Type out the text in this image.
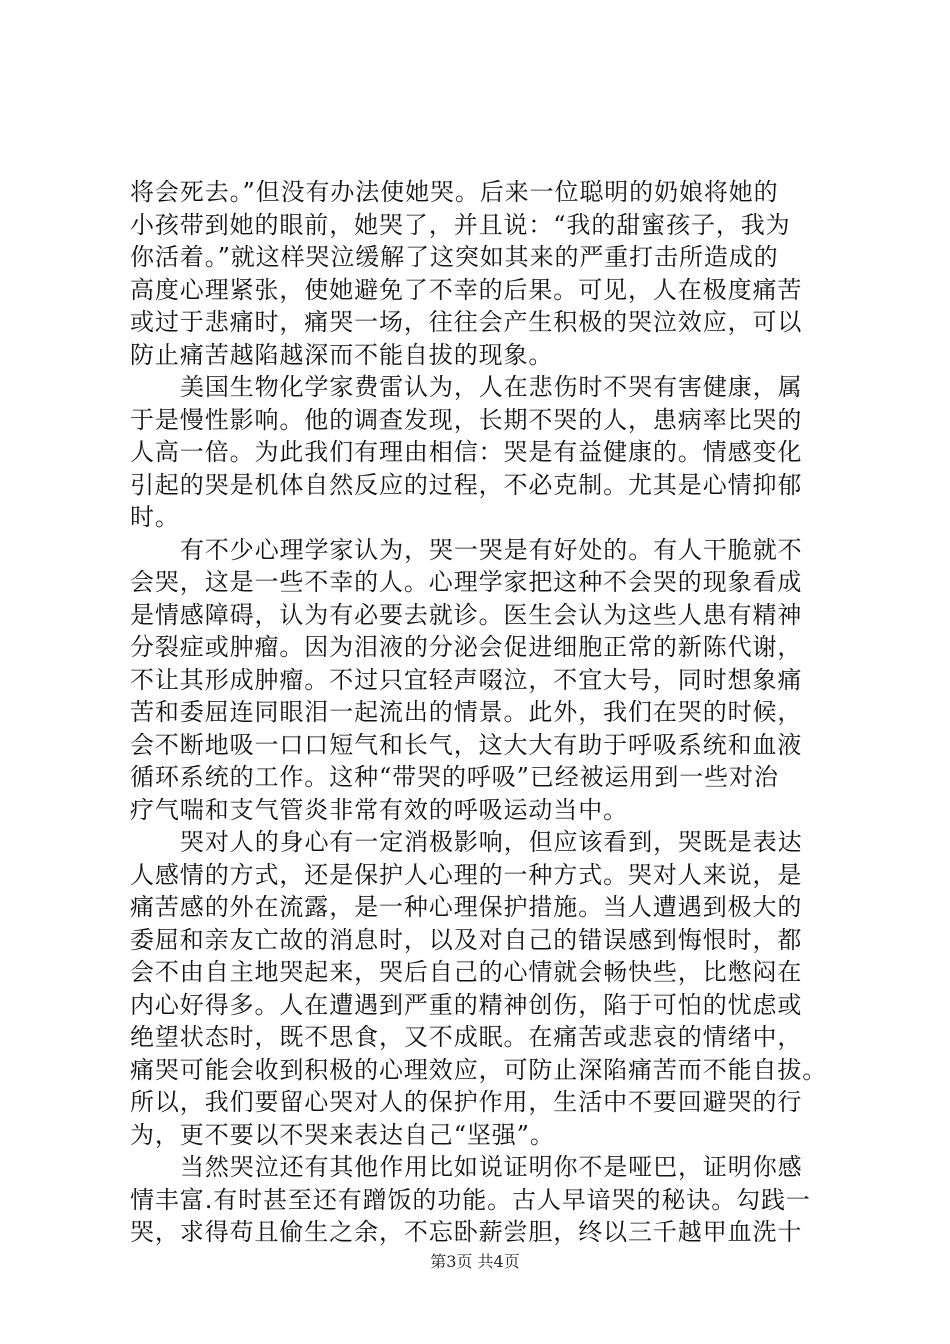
将会死去。”但没有办法使她哭。后来一位聪明的奶娘将她的
小孩带到她的眼前，她哭了，并且说：“我的甜蜜孩子，我为
你活着。”就这样哭泣缓解了这突如其来的严重打击所造成的
高度心理紧张，使她避免了不幸的后果。可见，人在极度痛苦
或过于悲痛时，痛哭一场，往往会产生积极的哭泣效应，可以
防止痛苦越陷越深而不能自拔的现象。
美国生物化学家费雷认为，人在悲伤时不哭有害健康，属
于是慢性影响。他的调查发现，长期不哭的人，患病率比哭的
人高一倍。为此我们有理由相信：哭是有益健康的。情感变化
引起的哭是机体自然反应的过程，不必克制。尤其是心情抑郁
时。
有不少心理学家认为，哭一哭是有好处的。有人干脆就不
会哭，这是一些不幸的人。心理学家把这种不会哭的现象看成
是情感障碍，认为有必要去就诊。医生会认为这些人患有精神
分裂症或肿瘤。因为泪液的分泌会促进细胞正常的新陈代谢，
不让其形成肿瘤。不过只宜轻声啜泣，不宜大号，同时想象痛
苦和委屈连同眼泪一起流出的情景。此外，我们在哭的时候，
会不断地吸一口口短气和长气，这大大有助于呼吸系统和血液
循环系统的工作。这种“带哭的呼吸”已经被运用到一些对治
疗气喘和支气管炎非常有效的呼吸运动当中。
哭对人的身心有一定消极影响，但应该看到，哭既是表达
人感情的方式，还是保护人心理的一种方式。哭对人来说，是
痛苦感的外在流露，是一种心理保护措施。当人遭遇到极大的
委屈和亲友亡故的消息时，以及对自己的错误感到悔恨时，都
会不由自主地哭起来，哭后自己的心情就会畅快些，比憋闷在
内心好得多。人在遭遇到严重的精神创伤，陷于可怕的忧虑或
绝望状态时，既不思食，又不成眠。在痛苦或悲哀的情绪中，
痛哭可能会收到积极的心理效应，可防止深陷痛苦而不能自拔。
所以，我们要留心哭对人的保护作用，生活中不要回避哭的行
为，更不要以不哭来表达自己“坚强”。
当然哭泣还有其他作用比如说证明你不是哑巴，证明你感
情丰富.有时甚至还有蹭饭的功能。古人早谙哭的秘诀。勾践一
哭，求得苟且偷生之余，不忘卧薪尝胆，终以三千越甲血洗十
第3页 共4页
